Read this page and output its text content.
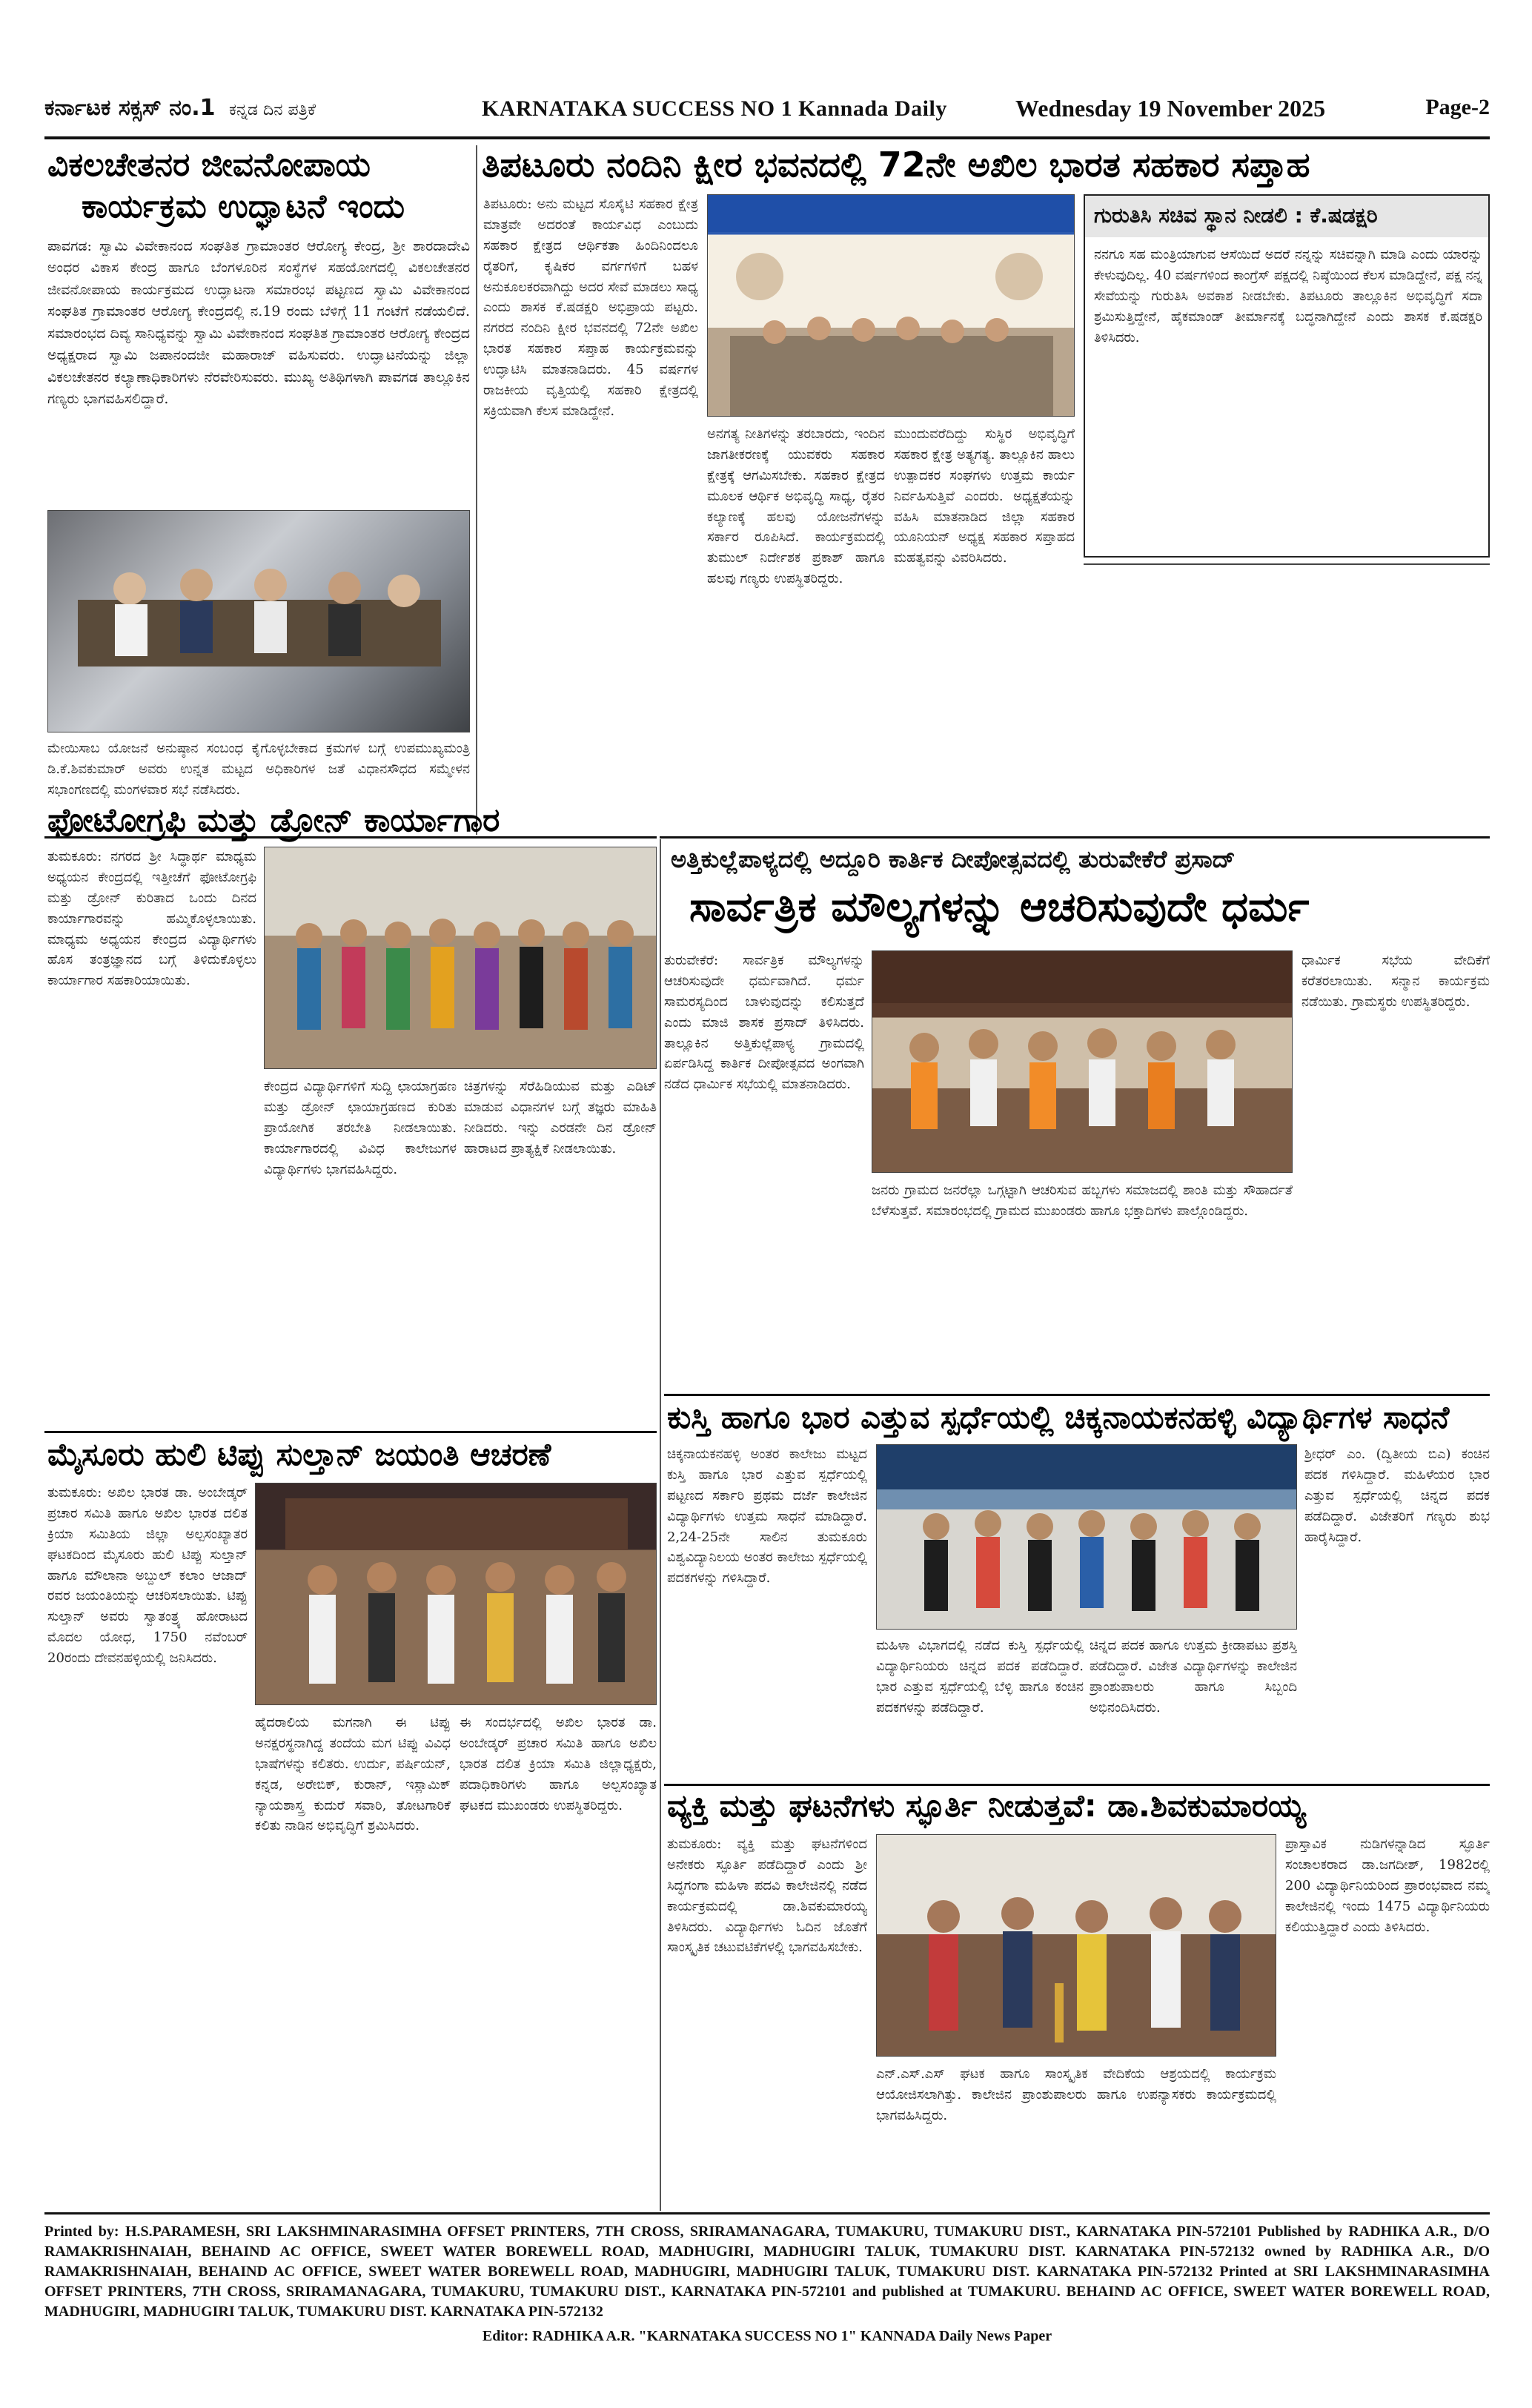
ಕರ್ನಾಟಕ ಸಕ್ಸಸ್ ನಂ.1 ಕನ್ನಡ ದಿನ ಪತ್ರಿಕೆ	KARNATAKA SUCCESS NO 1 Kannada Daily	Wednesday 19 November 2025	Page-2
ವಿಕಲಚೇತನರ ಜೀವನೋಪಾಯ
ಕಾರ್ಯಕ್ರಮ ಉದ್ಘಾಟನೆ ಇಂದು
ಪಾವಗಡ: ಸ್ವಾಮಿ ವಿವೇಕಾನಂದ ಸಂಘತಿತ ಗ್ರಾಮಾಂತರ ಆರೋಗ್ಯ ಕೇಂದ್ರ, ಶ್ರೀ ಶಾರದಾದೇವಿ ಅಂಧರ ವಿಕಾಸ ಕೇಂದ್ರ ಹಾಗೂ ಬೆಂಗಳೂರಿನ ಸಂಸ್ಥೆಗಳ ಸಹಯೋಗದಲ್ಲಿ ವಿಕಲಚೇತನರ ಜೀವನೋಪಾಯ ಕಾರ್ಯಕ್ರಮದ ಉದ್ಘಾಟನಾ ಸಮಾರಂಭ ಪಟ್ಟಣದ ಸ್ವಾಮಿ ವಿವೇಕಾನಂದ ಸಂಘತಿತ ಗ್ರಾಮಾಂತರ ಆರೋಗ್ಯ ಕೇಂದ್ರದಲ್ಲಿ ನ.19 ರಂದು ಬೆಳಿಗ್ಗೆ 11 ಗಂಟೆಗೆ ನಡೆಯಲಿದೆ. ಸಮಾರಂಭದ ದಿವ್ಯ ಸಾನಿಧ್ಯವನ್ನು ಸ್ವಾಮಿ ವಿವೇಕಾನಂದ ಸಂಘತಿತ ಗ್ರಾಮಾಂತರ ಆರೋಗ್ಯ ಕೇಂದ್ರದ ಅಧ್ಯಕ್ಷರಾದ ಸ್ವಾಮಿ ಜಪಾನಂದಜೀ ಮಹಾರಾಜ್ ವಹಿಸುವರು. ಉದ್ಘಾಟನೆಯನ್ನು ಜಿಲ್ಲಾ ವಿಕಲಚೇತನರ ಕಲ್ಯಾಣಾಧಿಕಾರಿಗಳು ನೆರವೇರಿಸುವರು. ಮುಖ್ಯ ಅತಿಥಿಗಳಾಗಿ ಪಾವಗಡ ತಾಲ್ಲೂಕಿನ ಗಣ್ಯರು ಭಾಗವಹಿಸಲಿದ್ದಾರೆ.
ಮೇಯಿಸಾಬ ಯೋಜನೆ ಅನುಷ್ಠಾನ ಸಂಬಂಧ ಕೈಗೊಳ್ಳಬೇಕಾದ ಕ್ರಮಗಳ ಬಗ್ಗೆ ಉಪಮುಖ್ಯಮಂತ್ರಿ ಡಿ.ಕೆ.ಶಿವಕುಮಾರ್ ಅವರು ಉನ್ನತ ಮಟ್ಟದ ಅಧಿಕಾರಿಗಳ ಜತೆ ವಿಧಾನಸೌಧದ ಸಮ್ಮೇಳನ ಸಭಾಂಗಣದಲ್ಲಿ ಮಂಗಳವಾರ ಸಭೆ ನಡೆಸಿದರು.
ತಿಪಟೂರು ನಂದಿನಿ ಕ್ಷೀರ ಭವನದಲ್ಲಿ 72ನೇ ಅಖಿಲ ಭಾರತ ಸಹಕಾರ ಸಪ್ತಾಹ
ತಿಪಟೂರು: ಅನು ಮಟ್ಟದ ಸೊಸೈಟಿ ಸಹಕಾರ ಕ್ಷೇತ್ರ ಮಾತ್ರವೇ ಅದರಂತೆ ಕಾರ್ಯವಿಧ ಎಂಬುದು ಸಹಕಾರ ಕ್ಷೇತ್ರದ ಆರ್ಥಿಕತಾ ಹಿಂದಿನಿಂದಲೂ ರೈತರಿಗೆ, ಕೃಷಿಕರ ವರ್ಗಗಳಿಗೆ ಬಹಳ ಅನುಕೂಲಕರವಾಗಿದ್ದು ಅದರ ಸೇವೆ ಮಾಡಲು ಸಾಧ್ಯ ಎಂದು ಶಾಸಕ ಕೆ.ಷಡಕ್ಷರಿ ಅಭಿಪ್ರಾಯ ಪಟ್ಟರು. ನಗರದ ನಂದಿನಿ ಕ್ಷೀರ ಭವನದಲ್ಲಿ 72ನೇ ಅಖಿಲ ಭಾರತ ಸಹಕಾರ ಸಪ್ತಾಹ ಕಾರ್ಯಕ್ರಮವನ್ನು ಉದ್ಘಾಟಿಸಿ ಮಾತನಾಡಿದರು. 45 ವರ್ಷಗಳ ರಾಜಕೀಯ ವೃತ್ತಿಯಲ್ಲಿ ಸಹಕಾರಿ ಕ್ಷೇತ್ರದಲ್ಲಿ ಸಕ್ರಿಯವಾಗಿ ಕೆಲಸ ಮಾಡಿದ್ದೇನೆ.
ಅನಗತ್ಯ ನೀತಿಗಳನ್ನು ತರಬಾರದು, ಇಂದಿನ ಜಾಗತೀಕರಣಕ್ಕೆ ಯುವಕರು ಸಹಕಾರ ಕ್ಷೇತ್ರಕ್ಕೆ ಆಗಮಿಸಬೇಕು. ಸಹಕಾರ ಕ್ಷೇತ್ರದ ಮೂಲಕ ಆರ್ಥಿಕ ಅಭಿವೃದ್ಧಿ ಸಾಧ್ಯ, ರೈತರ ಕಲ್ಯಾಣಕ್ಕೆ ಹಲವು ಯೋಜನೆಗಳನ್ನು ಸರ್ಕಾರ ರೂಪಿಸಿದೆ. ಕಾರ್ಯಕ್ರಮದಲ್ಲಿ ತುಮುಲ್ ನಿರ್ದೇಶಕ ಪ್ರಕಾಶ್ ಹಾಗೂ ಹಲವು ಗಣ್ಯರು ಉಪಸ್ಥಿತರಿದ್ದರು.
ಮುಂದುವರೆದಿದ್ದು ಸುಸ್ಥಿರ ಅಭಿವೃದ್ಧಿಗೆ ಸಹಕಾರ ಕ್ಷೇತ್ರ ಅತ್ಯಗತ್ಯ. ತಾಲ್ಲೂಕಿನ ಹಾಲು ಉತ್ಪಾದಕರ ಸಂಘಗಳು ಉತ್ತಮ ಕಾರ್ಯ ನಿರ್ವಹಿಸುತ್ತಿವೆ ಎಂದರು. ಅಧ್ಯಕ್ಷತೆಯನ್ನು ವಹಿಸಿ ಮಾತನಾಡಿದ ಜಿಲ್ಲಾ ಸಹಕಾರ ಯೂನಿಯನ್ ಅಧ್ಯಕ್ಷ ಸಹಕಾರ ಸಪ್ತಾಹದ ಮಹತ್ವವನ್ನು ವಿವರಿಸಿದರು.
ಗುರುತಿಸಿ ಸಚಿವ ಸ್ಥಾನ ನೀಡಲಿ : ಕೆ.ಷಡಕ್ಷರಿ
ನನಗೂ ಸಹ ಮಂತ್ರಿಯಾಗುವ ಆಸೆಯಿದೆ ಅದರೆ ನನ್ನನ್ನು ಸಚಿವನ್ನಾಗಿ ಮಾಡಿ ಎಂದು ಯಾರನ್ನು ಕೇಳುವುದಿಲ್ಲ. 40 ವರ್ಷಗಳಿಂದ ಕಾಂಗ್ರೆಸ್ ಪಕ್ಷದಲ್ಲಿ ನಿಷ್ಠೆಯಿಂದ ಕೆಲಸ ಮಾಡಿದ್ದೇನೆ, ಪಕ್ಷ ನನ್ನ ಸೇವೆಯನ್ನು ಗುರುತಿಸಿ ಅವಕಾಶ ನೀಡಬೇಕು. ತಿಪಟೂರು ತಾಲ್ಲೂಕಿನ ಅಭಿವೃದ್ಧಿಗೆ ಸದಾ ಶ್ರಮಿಸುತ್ತಿದ್ದೇನೆ, ಹೈಕಮಾಂಡ್ ತೀರ್ಮಾನಕ್ಕೆ ಬದ್ಧನಾಗಿದ್ದೇನೆ ಎಂದು ಶಾಸಕ ಕೆ.ಷಡಕ್ಷರಿ ತಿಳಿಸಿದರು.
ಅತ್ತಿಕುಲ್ಲೆಪಾಳ್ಯದಲ್ಲಿ ಅದ್ದೂರಿ ಕಾರ್ತಿಕ ದೀಪೋತ್ಸವದಲ್ಲಿ ತುರುವೇಕೆರೆ ಪ್ರಸಾದ್
ಸಾರ್ವತ್ರಿಕ ಮೌಲ್ಯಗಳನ್ನು ಆಚರಿಸುವುದೇ ಧರ್ಮ
ತುರುವೇಕೆರೆ: ಸಾರ್ವತ್ರಿಕ ಮೌಲ್ಯಗಳನ್ನು ಆಚರಿಸುವುದೇ ಧರ್ಮವಾಗಿದೆ. ಧರ್ಮ ಸಾಮರಸ್ಯದಿಂದ ಬಾಳುವುದನ್ನು ಕಲಿಸುತ್ತದೆ ಎಂದು ಮಾಜಿ ಶಾಸಕ ಪ್ರಸಾದ್ ತಿಳಿಸಿದರು. ತಾಲ್ಲೂಕಿನ ಅತ್ತಿಕುಲ್ಲೆಪಾಳ್ಯ ಗ್ರಾಮದಲ್ಲಿ ಏರ್ಪಡಿಸಿದ್ದ ಕಾರ್ತಿಕ ದೀಪೋತ್ಸವದ ಅಂಗವಾಗಿ ನಡೆದ ಧಾರ್ಮಿಕ ಸಭೆಯಲ್ಲಿ ಮಾತನಾಡಿದರು.
ಜನರು ಗ್ರಾಮದ ಜನರೆಲ್ಲಾ ಒಗ್ಗಟ್ಟಾಗಿ ಆಚರಿಸುವ ಹಬ್ಬಗಳು ಸಮಾಜದಲ್ಲಿ ಶಾಂತಿ ಮತ್ತು ಸೌಹಾರ್ದತೆ ಬೆಳೆಸುತ್ತವೆ. ಸಮಾರಂಭದಲ್ಲಿ ಗ್ರಾಮದ ಮುಖಂಡರು ಹಾಗೂ ಭಕ್ತಾದಿಗಳು ಪಾಲ್ಗೊಂಡಿದ್ದರು.
ಧಾರ್ಮಿಕ ಸಭೆಯ ವೇದಿಕೆಗೆ ಕರೆತರಲಾಯಿತು. ಸನ್ಮಾನ ಕಾರ್ಯಕ್ರಮ ನಡೆಯಿತು. ಗ್ರಾಮಸ್ಥರು ಉಪಸ್ಥಿತರಿದ್ದರು.
ಫೋಟೋಗ್ರಫಿ ಮತ್ತು ಡ್ರೋನ್ ಕಾರ್ಯಾಗಾರ
ತುಮಕೂರು: ನಗರದ ಶ್ರೀ ಸಿದ್ಧಾರ್ಥ ಮಾಧ್ಯಮ ಅಧ್ಯಯನ ಕೇಂದ್ರದಲ್ಲಿ ಇತ್ತೀಚೆಗೆ ಫೋಟೋಗ್ರಫಿ ಮತ್ತು ಡ್ರೋನ್ ಕುರಿತಾದ ಒಂದು ದಿನದ ಕಾರ್ಯಾಗಾರವನ್ನು ಹಮ್ಮಿಕೊಳ್ಳಲಾಯಿತು. ಮಾಧ್ಯಮ ಅಧ್ಯಯನ ಕೇಂದ್ರದ ವಿದ್ಯಾರ್ಥಿಗಳು ಹೊಸ ತಂತ್ರಜ್ಞಾನದ ಬಗ್ಗೆ ತಿಳಿದುಕೊಳ್ಳಲು ಕಾರ್ಯಾಗಾರ ಸಹಕಾರಿಯಾಯಿತು.
ಕೇಂದ್ರದ ವಿದ್ಯಾರ್ಥಿಗಳಿಗೆ ಸುದ್ದಿ ಛಾಯಾಗ್ರಹಣ ಮತ್ತು ಡ್ರೋನ್ ಛಾಯಾಗ್ರಹಣದ ಕುರಿತು ಪ್ರಾಯೋಗಿಕ ತರಬೇತಿ ನೀಡಲಾಯಿತು. ಕಾರ್ಯಾಗಾರದಲ್ಲಿ ವಿವಿಧ ಕಾಲೇಜುಗಳ ವಿದ್ಯಾರ್ಥಿಗಳು ಭಾಗವಹಿಸಿದ್ದರು.
ಚಿತ್ರಗಳನ್ನು ಸೆರೆಹಿಡಿಯುವ ಮತ್ತು ಎಡಿಟ್ ಮಾಡುವ ವಿಧಾನಗಳ ಬಗ್ಗೆ ತಜ್ಞರು ಮಾಹಿತಿ ನೀಡಿದರು. ಇನ್ನು ಎರಡನೇ ದಿನ ಡ್ರೋನ್ ಹಾರಾಟದ ಪ್ರಾತ್ಯಕ್ಷಿಕೆ ನೀಡಲಾಯಿತು.
ಕುಸ್ತಿ ಹಾಗೂ ಭಾರ ಎತ್ತುವ ಸ್ಪರ್ಧೆಯಲ್ಲಿ ಚಿಕ್ಕನಾಯಕನಹಳ್ಳಿ ವಿದ್ಯಾರ್ಥಿಗಳ ಸಾಧನೆ
ಚಿಕ್ಕನಾಯಕನಹಳ್ಳಿ ಅಂತರ ಕಾಲೇಜು ಮಟ್ಟದ ಕುಸ್ತಿ ಹಾಗೂ ಭಾರ ಎತ್ತುವ ಸ್ಪರ್ಧೆಯಲ್ಲಿ ಪಟ್ಟಣದ ಸರ್ಕಾರಿ ಪ್ರಥಮ ದರ್ಜೆ ಕಾಲೇಜಿನ ವಿದ್ಯಾರ್ಥಿಗಳು ಉತ್ತಮ ಸಾಧನೆ ಮಾಡಿದ್ದಾರೆ. 2,24-25ನೇ ಸಾಲಿನ ತುಮಕೂರು ವಿಶ್ವವಿದ್ಯಾನಿಲಯ ಅಂತರ ಕಾಲೇಜು ಸ್ಪರ್ಧೆಯಲ್ಲಿ ಪದಕಗಳನ್ನು ಗಳಿಸಿದ್ದಾರೆ.
ಮಹಿಳಾ ವಿಭಾಗದಲ್ಲಿ ನಡೆದ ಕುಸ್ತಿ ಸ್ಪರ್ಧೆಯಲ್ಲಿ ವಿದ್ಯಾರ್ಥಿನಿಯರು ಚಿನ್ನದ ಪದಕ ಪಡೆದಿದ್ದಾರೆ. ಭಾರ ಎತ್ತುವ ಸ್ಪರ್ಧೆಯಲ್ಲಿ ಬೆಳ್ಳಿ ಹಾಗೂ ಕಂಚಿನ ಪದಕಗಳನ್ನು ಪಡೆದಿದ್ದಾರೆ.
ಚಿನ್ನದ ಪದಕ ಹಾಗೂ ಉತ್ತಮ ಕ್ರೀಡಾಪಟು ಪ್ರಶಸ್ತಿ ಪಡೆದಿದ್ದಾರೆ. ವಿಜೇತ ವಿದ್ಯಾರ್ಥಿಗಳನ್ನು ಕಾಲೇಜಿನ ಪ್ರಾಂಶುಪಾಲರು ಹಾಗೂ ಸಿಬ್ಬಂದಿ ಅಭಿನಂದಿಸಿದರು.
ಶ್ರೀಧರ್ ಎಂ. (ದ್ವಿತೀಯ ಬಿಎ) ಕಂಚಿನ ಪದಕ ಗಳಿಸಿದ್ದಾರೆ. ಮಹಿಳೆಯರ ಭಾರ ಎತ್ತುವ ಸ್ಪರ್ಧೆಯಲ್ಲಿ ಚಿನ್ನದ ಪದಕ ಪಡೆದಿದ್ದಾರೆ. ವಿಜೇತರಿಗೆ ಗಣ್ಯರು ಶುಭ ಹಾರೈಸಿದ್ದಾರೆ.
ಮೈಸೂರು ಹುಲಿ ಟಿಪ್ಪು ಸುಲ್ತಾನ್ ಜಯಂತಿ ಆಚರಣೆ
ತುಮಕೂರು: ಅಖಿಲ ಭಾರತ ಡಾ. ಅಂಬೇಡ್ಕರ್ ಪ್ರಚಾರ ಸಮಿತಿ ಹಾಗೂ ಅಖಿಲ ಭಾರತ ದಲಿತ ಕ್ರಿಯಾ ಸಮಿತಿಯ ಜಿಲ್ಲಾ ಅಲ್ಪಸಂಖ್ಯಾತರ ಘಟಕದಿಂದ ಮೈಸೂರು ಹುಲಿ ಟಿಪ್ಪು ಸುಲ್ತಾನ್ ಹಾಗೂ ಮೌಲಾನಾ ಅಬ್ದುಲ್ ಕಲಾಂ ಆಜಾದ್ ರವರ ಜಯಂತಿಯನ್ನು ಆಚರಿಸಲಾಯಿತು. ಟಿಪ್ಪು ಸುಲ್ತಾನ್ ಅವರು ಸ್ವಾತಂತ್ರ್ಯ ಹೋರಾಟದ ಮೊದಲ ಯೋಧ, 1750 ನವೆಂಬರ್ 20ರಂದು ದೇವನಹಳ್ಳಿಯಲ್ಲಿ ಜನಿಸಿದರು.
ಹೈದರಾಲಿಯ ಮಗನಾಗಿ ಈ ಟಿಪ್ಪು ಅನಕ್ಷರಸ್ಥನಾಗಿದ್ದ ತಂದೆಯ ಮಗ ಟಿಪ್ಪು ವಿವಿಧ ಭಾಷೆಗಳನ್ನು ಕಲಿತರು. ಉರ್ದು, ಪರ್ಷಿಯನ್, ಕನ್ನಡ, ಅರೇಬಿಕ್, ಕುರಾನ್, ಇಸ್ಲಾಮಿಕ್ ನ್ಯಾಯಶಾಸ್ತ್ರ ಕುದುರೆ ಸವಾರಿ, ತೋಟಗಾರಿಕೆ ಕಲಿತು ನಾಡಿನ ಅಭಿವೃದ್ಧಿಗೆ ಶ್ರಮಿಸಿದರು.
ಈ ಸಂದರ್ಭದಲ್ಲಿ ಅಖಿಲ ಭಾರತ ಡಾ. ಅಂಬೇಡ್ಕರ್ ಪ್ರಚಾರ ಸಮಿತಿ ಹಾಗೂ ಅಖಿಲ ಭಾರತ ದಲಿತ ಕ್ರಿಯಾ ಸಮಿತಿ ಜಿಲ್ಲಾಧ್ಯಕ್ಷರು, ಪದಾಧಿಕಾರಿಗಳು ಹಾಗೂ ಅಲ್ಪಸಂಖ್ಯಾತ ಘಟಕದ ಮುಖಂಡರು ಉಪಸ್ಥಿತರಿದ್ದರು.	ವ್ಯಕ್ತಿ ಮತ್ತು ಘಟನೆಗಳು ಸ್ಫೂರ್ತಿ ನೀಡುತ್ತವೆ: ಡಾ.ಶಿವಕುಮಾರಯ್ಯ
ತುಮಕೂರು: ವ್ಯಕ್ತಿ ಮತ್ತು ಘಟನೆಗಳಿಂದ ಅನೇಕರು ಸ್ಫೂರ್ತಿ ಪಡೆದಿದ್ದಾರೆ ಎಂದು ಶ್ರೀ ಸಿದ್ಧಗಂಗಾ ಮಹಿಳಾ ಪದವಿ ಕಾಲೇಜಿನಲ್ಲಿ ನಡೆದ ಕಾರ್ಯಕ್ರಮದಲ್ಲಿ ಡಾ.ಶಿವಕುಮಾರಯ್ಯ ತಿಳಿಸಿದರು. ವಿದ್ಯಾರ್ಥಿಗಳು ಓದಿನ ಜೊತೆಗೆ ಸಾಂಸ್ಕೃತಿಕ ಚಟುವಟಿಕೆಗಳಲ್ಲಿ ಭಾಗವಹಿಸಬೇಕು.
ಎನ್.ಎಸ್.ಎಸ್ ಘಟಕ ಹಾಗೂ ಸಾಂಸ್ಕೃತಿಕ ವೇದಿಕೆಯ ಆಶ್ರಯದಲ್ಲಿ ಕಾರ್ಯಕ್ರಮ ಆಯೋಜಿಸಲಾಗಿತ್ತು. ಕಾಲೇಜಿನ ಪ್ರಾಂಶುಪಾಲರು ಹಾಗೂ ಉಪನ್ಯಾಸಕರು ಕಾರ್ಯಕ್ರಮದಲ್ಲಿ ಭಾಗವಹಿಸಿದ್ದರು.
ಪ್ರಾಸ್ತಾವಿಕ ನುಡಿಗಳನ್ನಾಡಿದ ಸ್ಫೂರ್ತಿ ಸಂಚಾಲಕರಾದ ಡಾ.ಜಗದೀಶ್, 1982ರಲ್ಲಿ 200 ವಿದ್ಯಾರ್ಥಿನಿಯರಿಂದ ಪ್ರಾರಂಭವಾದ ನಮ್ಮ ಕಾಲೇಜಿನಲ್ಲಿ ಇಂದು 1475 ವಿದ್ಯಾರ್ಥಿನಿಯರು ಕಲಿಯುತ್ತಿದ್ದಾರೆ ಎಂದು ತಿಳಿಸಿದರು.
Printed by: H.S.PARAMESH, SRI LAKSHMINARASIMHA OFFSET PRINTERS, 7TH CROSS, SRIRAMANAGARA, TUMAKURU, TUMAKURU DIST., KARNATAKA PIN-572101 Published by RADHIKA A.R., D/O RAMAKRISHNAIAH, BEHAIND AC OFFICE, SWEET WATER BOREWELL ROAD, MADHUGIRI, MADHUGIRI TALUK, TUMAKURU DIST. KARNATAKA PIN-572132 owned by RADHIKA A.R., D/O RAMAKRISHNAIAH, BEHAIND AC OFFICE, SWEET WATER BOREWELL ROAD, MADHUGIRI, MADHUGIRI TALUK, TUMAKURU DIST. KARNATAKA PIN-572132 Printed at SRI LAKSHMINARASIMHA OFFSET PRINTERS, 7TH CROSS, SRIRAMANAGARA, TUMAKURU, TUMAKURU DIST., KARNATAKA PIN-572101 and published at TUMAKURU. BEHAIND AC OFFICE, SWEET WATER BOREWELL ROAD, MADHUGIRI, MADHUGIRI TALUK, TUMAKURU DIST. KARNATAKA PIN-572132
Editor: RADHIKA A.R. "KARNATAKA SUCCESS NO 1" KANNADA Daily News Paper
